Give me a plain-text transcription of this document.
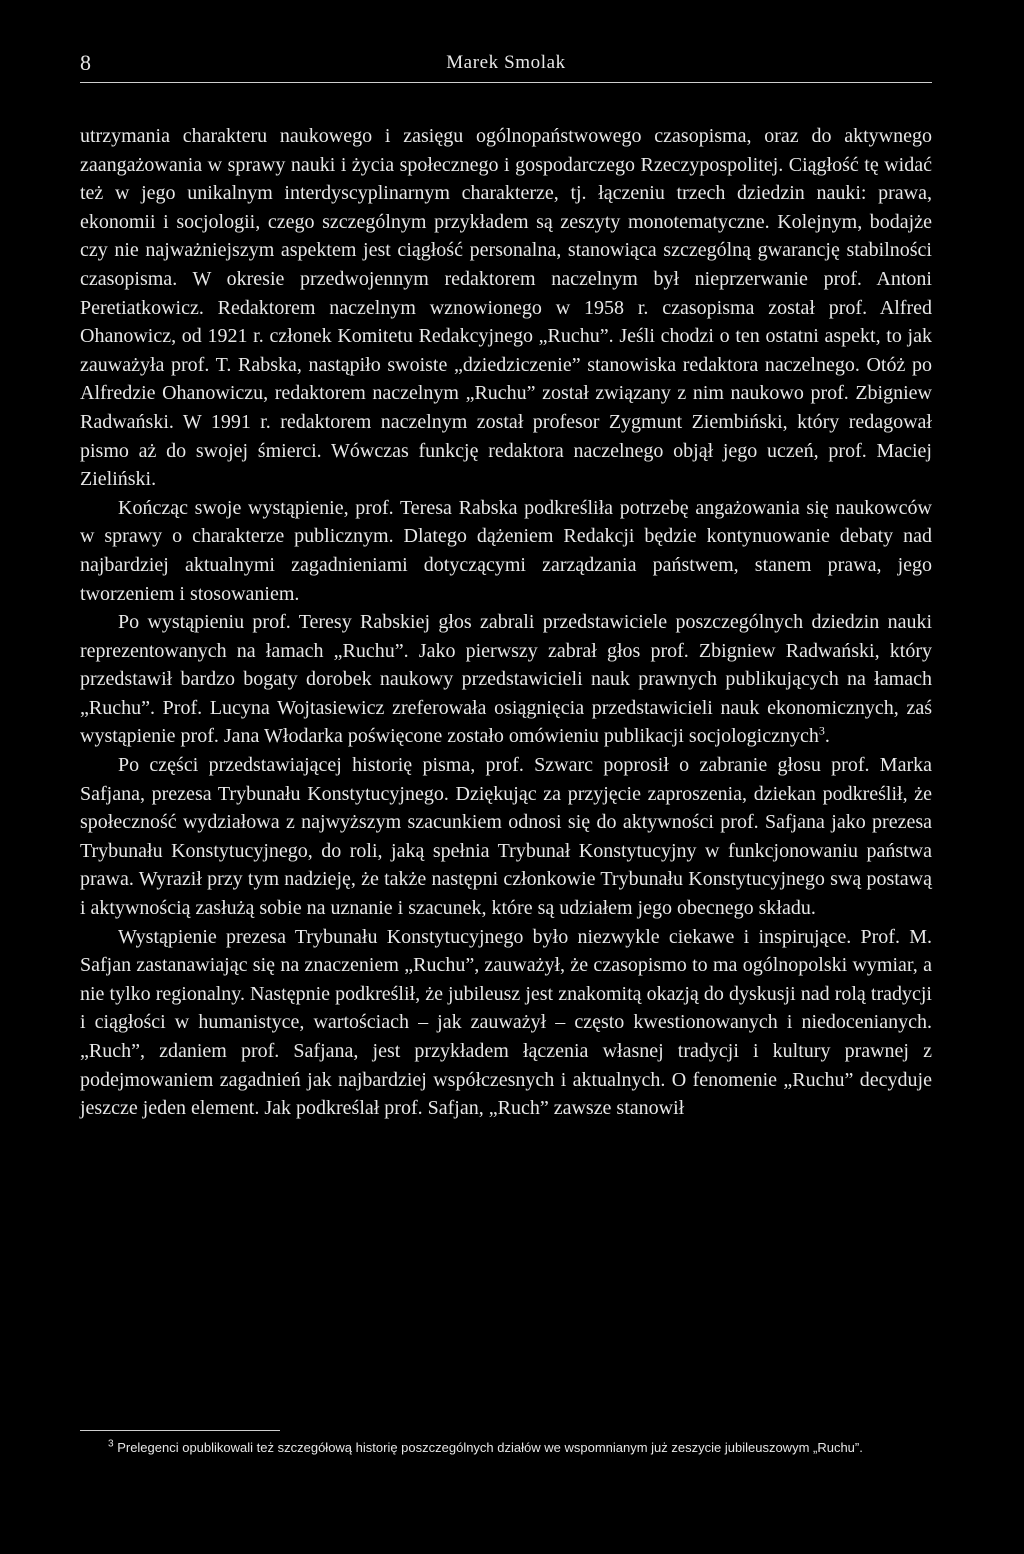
8	Marek Smolak

utrzymania charakteru naukowego i zasięgu ogólnopaństwowego czasopisma, oraz do aktywnego zaangażowania w sprawy nauki i życia społecznego i gospodarczego Rzeczypospolitej. Ciągłość tę widać też w jego unikalnym interdyscyplinarnym charakterze, tj. łączeniu trzech dziedzin nauki: prawa, ekonomii i socjologii, czego szczególnym przykładem są zeszyty monotematyczne. Kolejnym, bodajże czy nie najważniejszym aspektem jest ciągłość personalna, stanowiąca szczególną gwarancję stabilności czasopisma. W okresie przedwojennym redaktorem naczelnym był nieprzerwanie prof. Antoni Peretiatkowicz. Redaktorem naczelnym wznowionego w 1958 r. czasopisma został prof. Alfred Ohanowicz, od 1921 r. członek Komitetu Redakcyjnego „Ruchu”. Jeśli chodzi o ten ostatni aspekt, to jak zauważyła prof. T. Rabska, nastąpiło swoiste „dziedziczenie” stanowiska redaktora naczelnego. Otóż po Alfredzie Ohanowiczu, redaktorem naczelnym „Ruchu” został związany z nim naukowo prof. Zbigniew Radwański. W 1991 r. redaktorem naczelnym został profesor Zygmunt Ziembiński, który redagował pismo aż do swojej śmierci. Wówczas funkcję redaktora naczelnego objął jego uczeń, prof. Maciej Zieliński.

Kończąc swoje wystąpienie, prof. Teresa Rabska podkreśliła potrzebę angażowania się naukowców w sprawy o charakterze publicznym. Dlatego dążeniem Redakcji będzie kontynuowanie debaty nad najbardziej aktualnymi zagadnieniami dotyczącymi zarządzania państwem, stanem prawa, jego tworzeniem i stosowaniem.

Po wystąpieniu prof. Teresy Rabskiej głos zabrali przedstawiciele poszczególnych dziedzin nauki reprezentowanych na łamach „Ruchu”. Jako pierwszy zabrał głos prof. Zbigniew Radwański, który przedstawił bardzo bogaty dorobek naukowy przedstawicieli nauk prawnych publikujących na łamach „Ruchu”. Prof. Lucyna Wojtasiewicz zreferowała osiągnięcia przedstawicieli nauk ekonomicznych, zaś wystąpienie prof. Jana Włodarka poświęcone zostało omówieniu publikacji socjologicznych$^3$.

Po części przedstawiającej historię pisma, prof. Szwarc poprosił o zabranie głosu prof. Marka Safjana, prezesa Trybunału Konstytucyjnego. Dziękując za przyjęcie zaproszenia, dziekan podkreślił, że społeczność wydziałowa z najwyższym szacunkiem odnosi się do aktywności prof. Safjana jako prezesa Trybunału Konstytucyjnego, do roli, jaką spełnia Trybunał Konstytucyjny w funkcjonowaniu państwa prawa. Wyraził przy tym nadzieję, że także następni członkowie Trybunału Konstytucyjnego swą postawą i aktywnością zasłużą sobie na uznanie i szacunek, które są udziałem jego obecnego składu.

Wystąpienie prezesa Trybunału Konstytucyjnego było niezwykle ciekawe i inspirujące. Prof. M. Safjan zastanawiając się na znaczeniem „Ruchu”, zauważył, że czasopismo to ma ogólnopolski wymiar, a nie tylko regionalny. Następnie podkreślił, że jubileusz jest znakomitą okazją do dyskusji nad rolą tradycji i ciągłości w humanistyce, wartościach – jak zauważył – często kwestionowanych i niedocenianych. „Ruch”, zdaniem prof. Safjana, jest przykładem łączenia własnej tradycji i kultury prawnej z podejmowaniem zagadnień jak najbardziej współczesnych i aktualnych. O fenomenie „Ruchu” decyduje jeszcze jeden element. Jak podkreślał prof. Safjan, „Ruch” zawsze stanowił

$^3$ Prelegenci opublikowali też szczegółową historię poszczególnych działów we wspomnianym już zeszycie jubileuszowym „Ruchu”.
